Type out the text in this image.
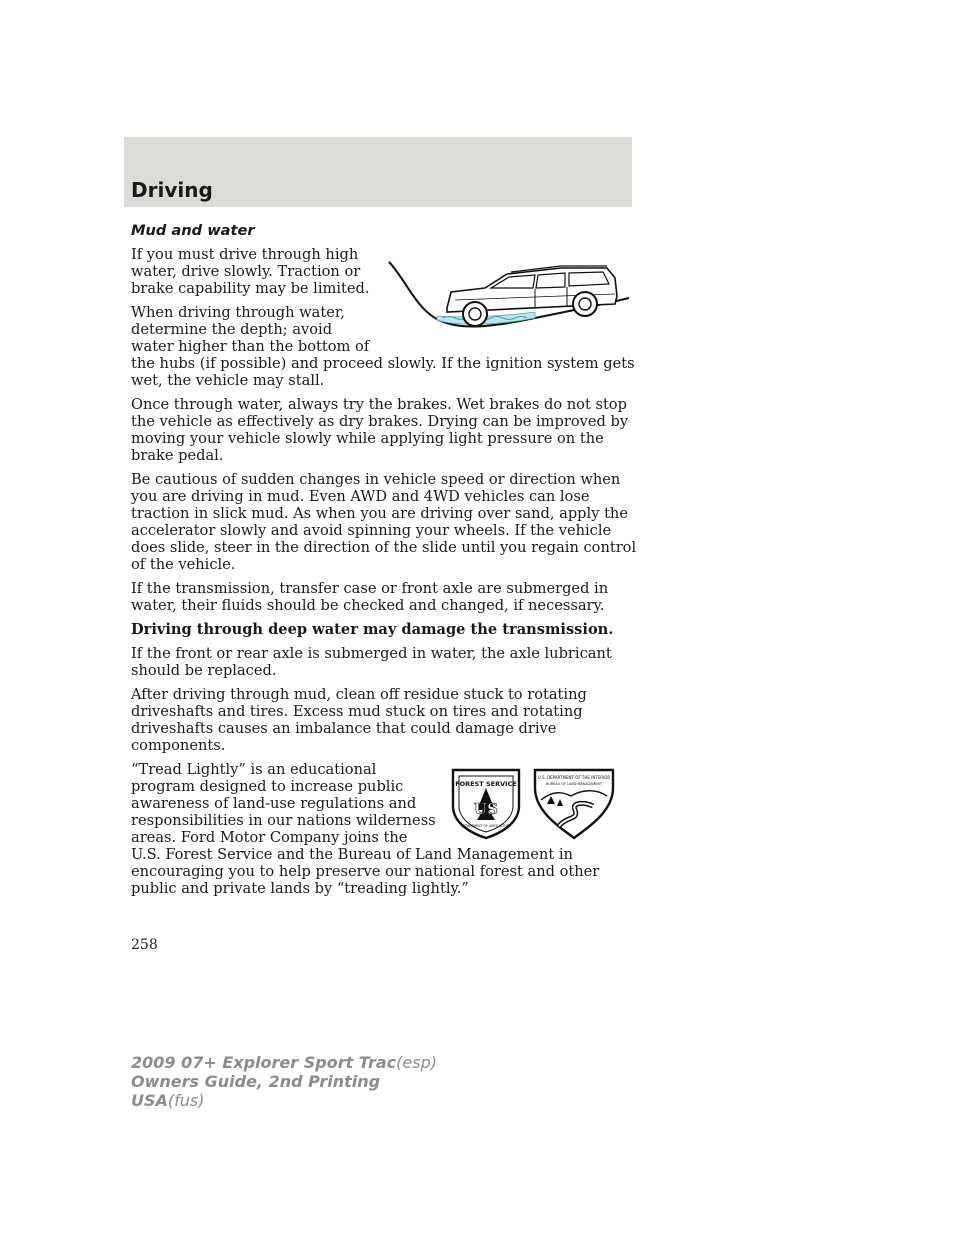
Driving
Mud and water

If you must drive through high water, drive slowly. Traction or brake capability may be limited.

When driving through water, determine the depth; avoid water higher than the bottom of the hubs (if possible) and proceed slowly. If the ignition system gets wet, the vehicle may stall.

Once through water, always try the brakes. Wet brakes do not stop the vehicle as effectively as dry brakes. Drying can be improved by moving your vehicle slowly while applying light pressure on the brake pedal.

Be cautious of sudden changes in vehicle speed or direction when you are driving in mud. Even AWD and 4WD vehicles can lose traction in slick mud. As when you are driving over sand, apply the accelerator slowly and avoid spinning your wheels. If the vehicle does slide, steer in the direction of the slide until you regain control of the vehicle.

If the transmission, transfer case or front axle are submerged in water, their fluids should be checked and changed, if necessary.

Driving through deep water may damage the transmission.

If the front or rear axle is submerged in water, the axle lubricant should be replaced.

After driving through mud, clean off residue stuck to rotating driveshafts and tires. Excess mud stuck on tires and rotating driveshafts causes an imbalance that could damage drive components.

FOREST SERVICE
US
DEPARTMENT OF AGRICULTURE
U.S. DEPARTMENT OF THE INTERIOR
BUREAU OF LAND MANAGEMENT

“Tread Lightly” is an educational program designed to increase public awareness of land-use regulations and responsibilities in our nations wilderness areas. Ford Motor Company joins the U.S. Forest Service and the Bureau of Land Management in encouraging you to help preserve our national forest and other public and private lands by “treading lightly.”

258
2009 07+ Explorer Sport Trac(esp)
Owners Guide, 2nd Printing
USA(fus)
